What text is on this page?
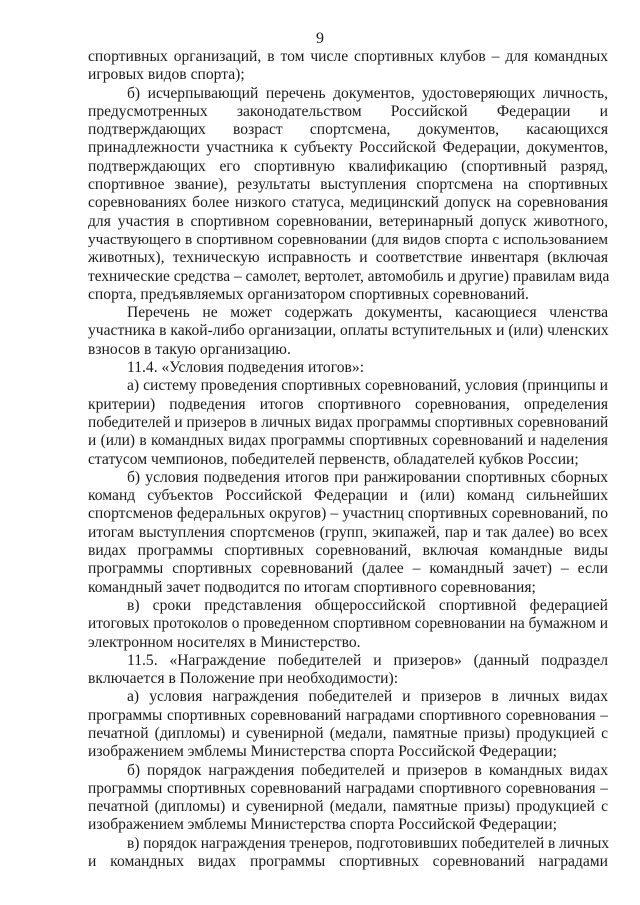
9
спортивных организаций, в том числе спортивных клубов – для командных
игровых видов спорта);
б) исчерпывающий перечень документов, удостоверяющих личность,
предусмотренных законодательством Российской Федерации и
подтверждающих возраст спортсмена, документов, касающихся
принадлежности участника к субъекту Российской Федерации, документов,
подтверждающих его спортивную квалификацию (спортивный разряд,
спортивное звание), результаты выступления спортсмена на спортивных
соревнованиях более низкого статуса, медицинский допуск на соревнования
для участия в спортивном соревновании, ветеринарный допуск животного,
участвующего в спортивном соревновании (для видов спорта с использованием
животных), техническую исправность и соответствие инвентаря (включая
технические средства – самолет, вертолет, автомобиль и другие) правилам вида
спорта, предъявляемых организатором спортивных соревнований.
Перечень не может содержать документы, касающиеся членства
участника в какой-либо организации, оплаты вступительных и (или) членских
взносов в такую организацию.
11.4. «Условия подведения итогов»:
а) систему проведения спортивных соревнований, условия (принципы и
критерии) подведения итогов спортивного соревнования, определения
победителей и призеров в личных видах программы спортивных соревнований
и (или) в командных видах программы спортивных соревнований и наделения
статусом чемпионов, победителей первенств, обладателей кубков России;
б) условия подведения итогов при ранжировании спортивных сборных
команд субъектов Российской Федерации и (или) команд сильнейших
спортсменов федеральных округов) – участниц спортивных соревнований, по
итогам выступления спортсменов (групп, экипажей, пар и так далее) во всех
видах программы спортивных соревнований, включая командные виды
программы спортивных соревнований (далее – командный зачет) – если
командный зачет подводится по итогам спортивного соревнования;
в) сроки представления общероссийской спортивной федерацией
итоговых протоколов о проведенном спортивном соревновании на бумажном и
электронном носителях в Министерство.
11.5. «Награждение победителей и призеров» (данный подраздел
включается в Положение при необходимости):
а) условия награждения победителей и призеров в личных видах
программы спортивных соревнований наградами спортивного соревнования –
печатной (дипломы) и сувенирной (медали, памятные призы) продукцией с
изображением эмблемы Министерства спорта Российской Федерации;
б) порядок награждения победителей и призеров в командных видах
программы спортивных соревнований наградами спортивного соревнования –
печатной (дипломы) и сувенирной (медали, памятные призы) продукцией с
изображением эмблемы Министерства спорта Российской Федерации;
в) порядок награждения тренеров, подготовивших победителей в личных
и командных видах программы спортивных соревнований наградами
